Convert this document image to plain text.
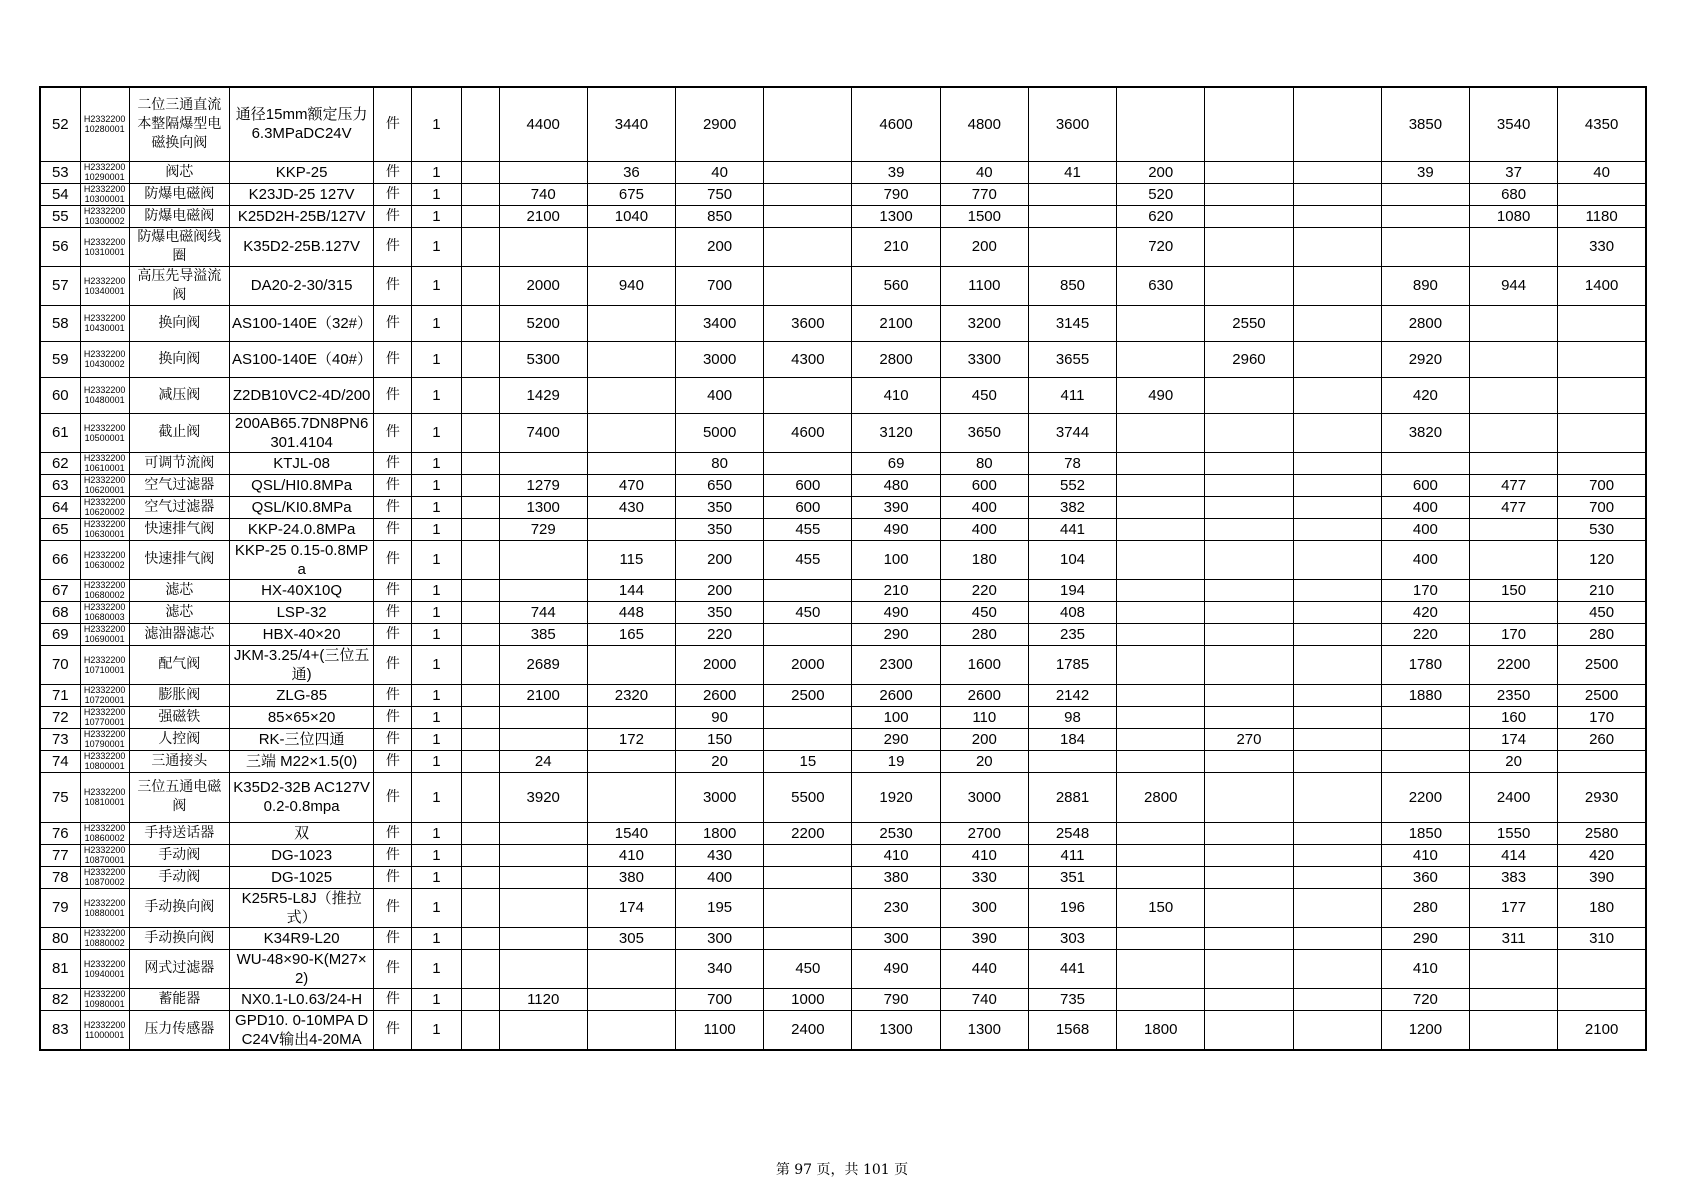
52	H2332200 10280001	二位三通直流本整隔爆型电磁换向阀	通径15mm额定压力6.3MPaDC24V	件	1		4400	3440	2900		4600	4800	3600				3850	3540	4350
53	H2332200 10290001	阀芯	KKP-25	件	1			36	40		39	40	41	200			39	37	40
54	H2332200 10300001	防爆电磁阀	K23JD-25 127V	件	1		740	675	750		790	770		520				680	
55	H2332200 10300002	防爆电磁阀	K25D2H-25B/127V	件	1		2100	1040	850		1300	1500		620				1080	1180
56	H2332200 10310001	防爆电磁阀线圈	K35D2-25B.127V	件	1				200		210	200		720					330
57	H2332200 10340001	高压先导溢流阀	DA20-2-30/315	件	1		2000	940	700		560	1100	850	630			890	944	1400
58	H2332200 10430001	换向阀	AS100-140E（32#）	件	1		5200		3400	3600	2100	3200	3145		2550		2800		
59	H2332200 10430002	换向阀	AS100-140E（40#）	件	1		5300		3000	4300	2800	3300	3655		2960		2920		
60	H2332200 10480001	减压阀	Z2DB10VC2-4D/200	件	1		1429		400		410	450	411	490			420		
61	H2332200 10500001	截止阀	200AB65.7DN8PN6 301.4104	件	1		7400		5000	4600	3120	3650	3744				3820		
62	H2332200 10610001	可调节流阀	KTJL-08	件	1				80		69	80	78						
63	H2332200 10620001	空气过滤器	QSL/HI0.8MPa	件	1		1279	470	650	600	480	600	552				600	477	700
64	H2332200 10620002	空气过滤器	QSL/KI0.8MPa	件	1		1300	430	350	600	390	400	382				400	477	700
65	H2332200 10630001	快速排气阀	KKP-24.0.8MPa	件	1		729		350	455	490	400	441				400		530
66	H2332200 10630002	快速排气阀	KKP-25 0.15-0.8MPa	件	1			115	200	455	100	180	104				400		120
67	H2332200 10680002	滤芯	HX-40X10Q	件	1			144	200		210	220	194				170	150	210
68	H2332200 10680003	滤芯	LSP-32	件	1		744	448	350	450	490	450	408				420		450
69	H2332200 10690001	滤油器滤芯	HBX-40×20	件	1		385	165	220		290	280	235				220	170	280
70	H2332200 10710001	配气阀	JKM-3.25/4+(三位五通)	件	1		2689		2000	2000	2300	1600	1785				1780	2200	2500
71	H2332200 10720001	膨胀阀	ZLG-85	件	1		2100	2320	2600	2500	2600	2600	2142				1880	2350	2500
72	H2332200 10770001	强磁铁	85×65×20	件	1				90		100	110	98					160	170
73	H2332200 10790001	人控阀	RK-三位四通	件	1			172	150		290	200	184		270			174	260
74	H2332200 10800001	三通接头	三端 M22×1.5(0)	件	1		24		20	15	19	20						20	
75	H2332200 10810001	三位五通电磁阀	K35D2-32B AC127V 0.2-0.8mpa	件	1		3920		3000	5500	1920	3000	2881	2800			2200	2400	2930
76	H2332200 10860002	手持送话器	双	件	1			1540	1800	2200	2530	2700	2548				1850	1550	2580
77	H2332200 10870001	手动阀	DG-1023	件	1			410	430		410	410	411				410	414	420
78	H2332200 10870002	手动阀	DG-1025	件	1			380	400		380	330	351				360	383	390
79	H2332200 10880001	手动换向阀	K25R5-L8J（推拉式）	件	1			174	195		230	300	196	150			280	177	180
80	H2332200 10880002	手动换向阀	K34R9-L20	件	1			305	300		300	390	303				290	311	310
81	H2332200 10940001	网式过滤器	WU-48×90-K(M27×2)	件	1				340	450	490	440	441				410		
82	H2332200 10980001	蓄能器	NX0.1-L0.63/24-H	件	1		1120		700	1000	790	740	735				720		
83	H2332200 11000001	压力传感器	GPD10. 0-10MPA DC24V输出4-20MA	件	1				1100	2400	1300	1300	1568	1800			1200		2100
第 97 页，共 101 页
